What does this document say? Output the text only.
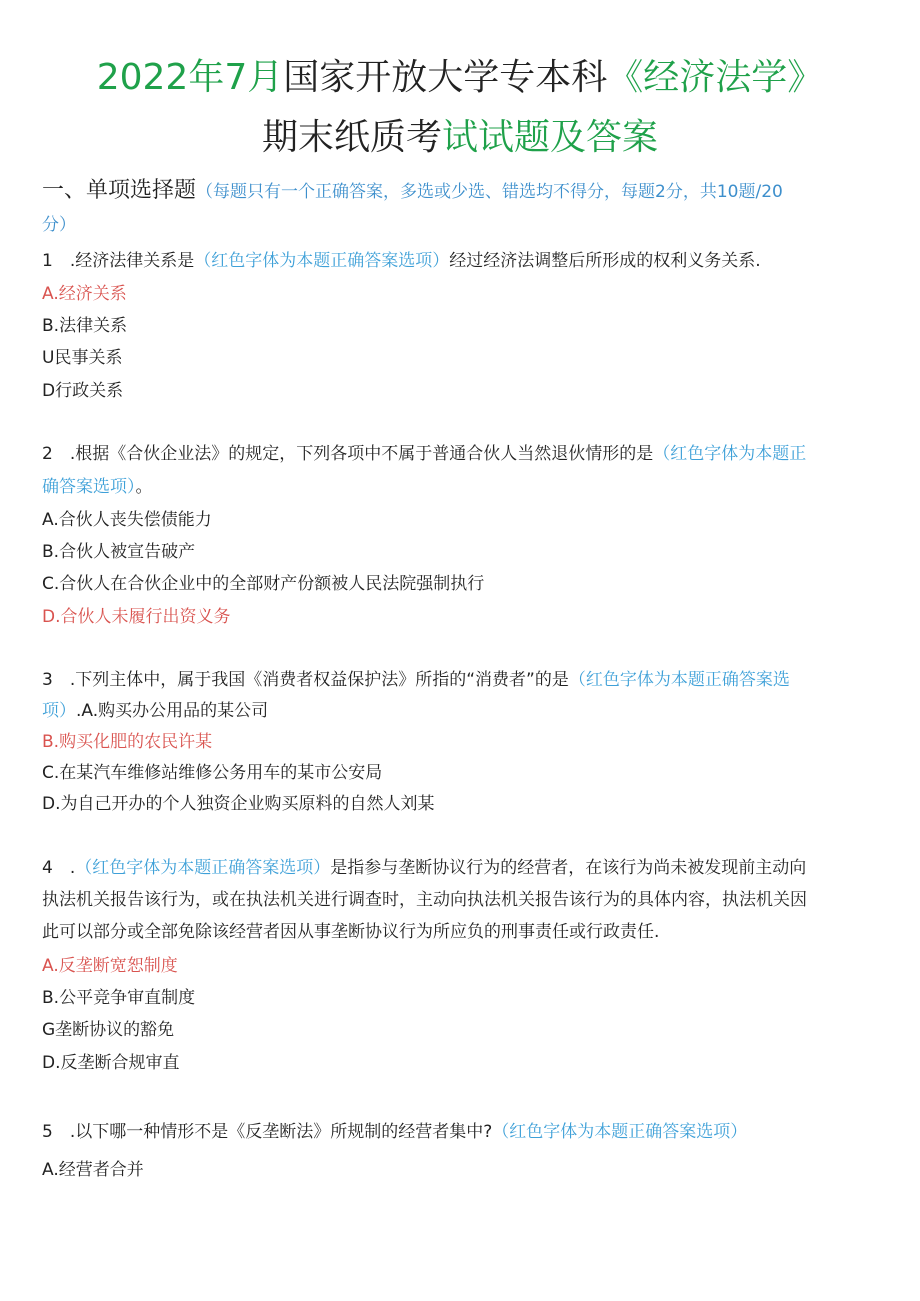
2022年7月国家开放大学专本科《经济法学》
期末纸质考试试题及答案
一、单项选择题（每题只有一个正确答案，多选或少选、错选均不得分，每题2分，共10题/20
分）
1　.经济法律关系是（红色字体为本题正确答案选项）经过经济法调整后所形成的权利义务关系.
A.经济关系
B.法律关系
U民事关系
D行政关系
2　.根据《合伙企业法》的规定，下列各项中不属于普通合伙人当然退伙情形的是（红色字体为本题正
确答案选项）。
A.合伙人丧失偿债能力
B.合伙人被宣告破产
C.合伙人在合伙企业中的全部财产份额被人民法院强制执行
D.合伙人未履行出资义务
3　.下列主体中，属于我国《消费者权益保护法》所指的“消费者”的是（红色字体为本题正确答案选
项）.A.购买办公用品的某公司
B.购买化肥的农民许某
C.在某汽车维修站维修公务用车的某市公安局
D.为自己开办的个人独资企业购买原料的自然人刘某
4　.（红色字体为本题正确答案选项）是指参与垄断协议行为的经营者，在该行为尚未被发现前主动向
执法机关报告该行为，或在执法机关进行调查时，主动向执法机关报告该行为的具体内容，执法机关因
此可以部分或全部免除该经营者因从事垄断协议行为所应负的刑事责任或行政责任.
A.反垄断宽恕制度
B.公平竞争审直制度
G垄断协议的豁免
D.反垄断合规审直
5　.以下哪一种情形不是《反垄断法》所规制的经营者集中?（红色字体为本题正确答案选项）
A.经营者合并
